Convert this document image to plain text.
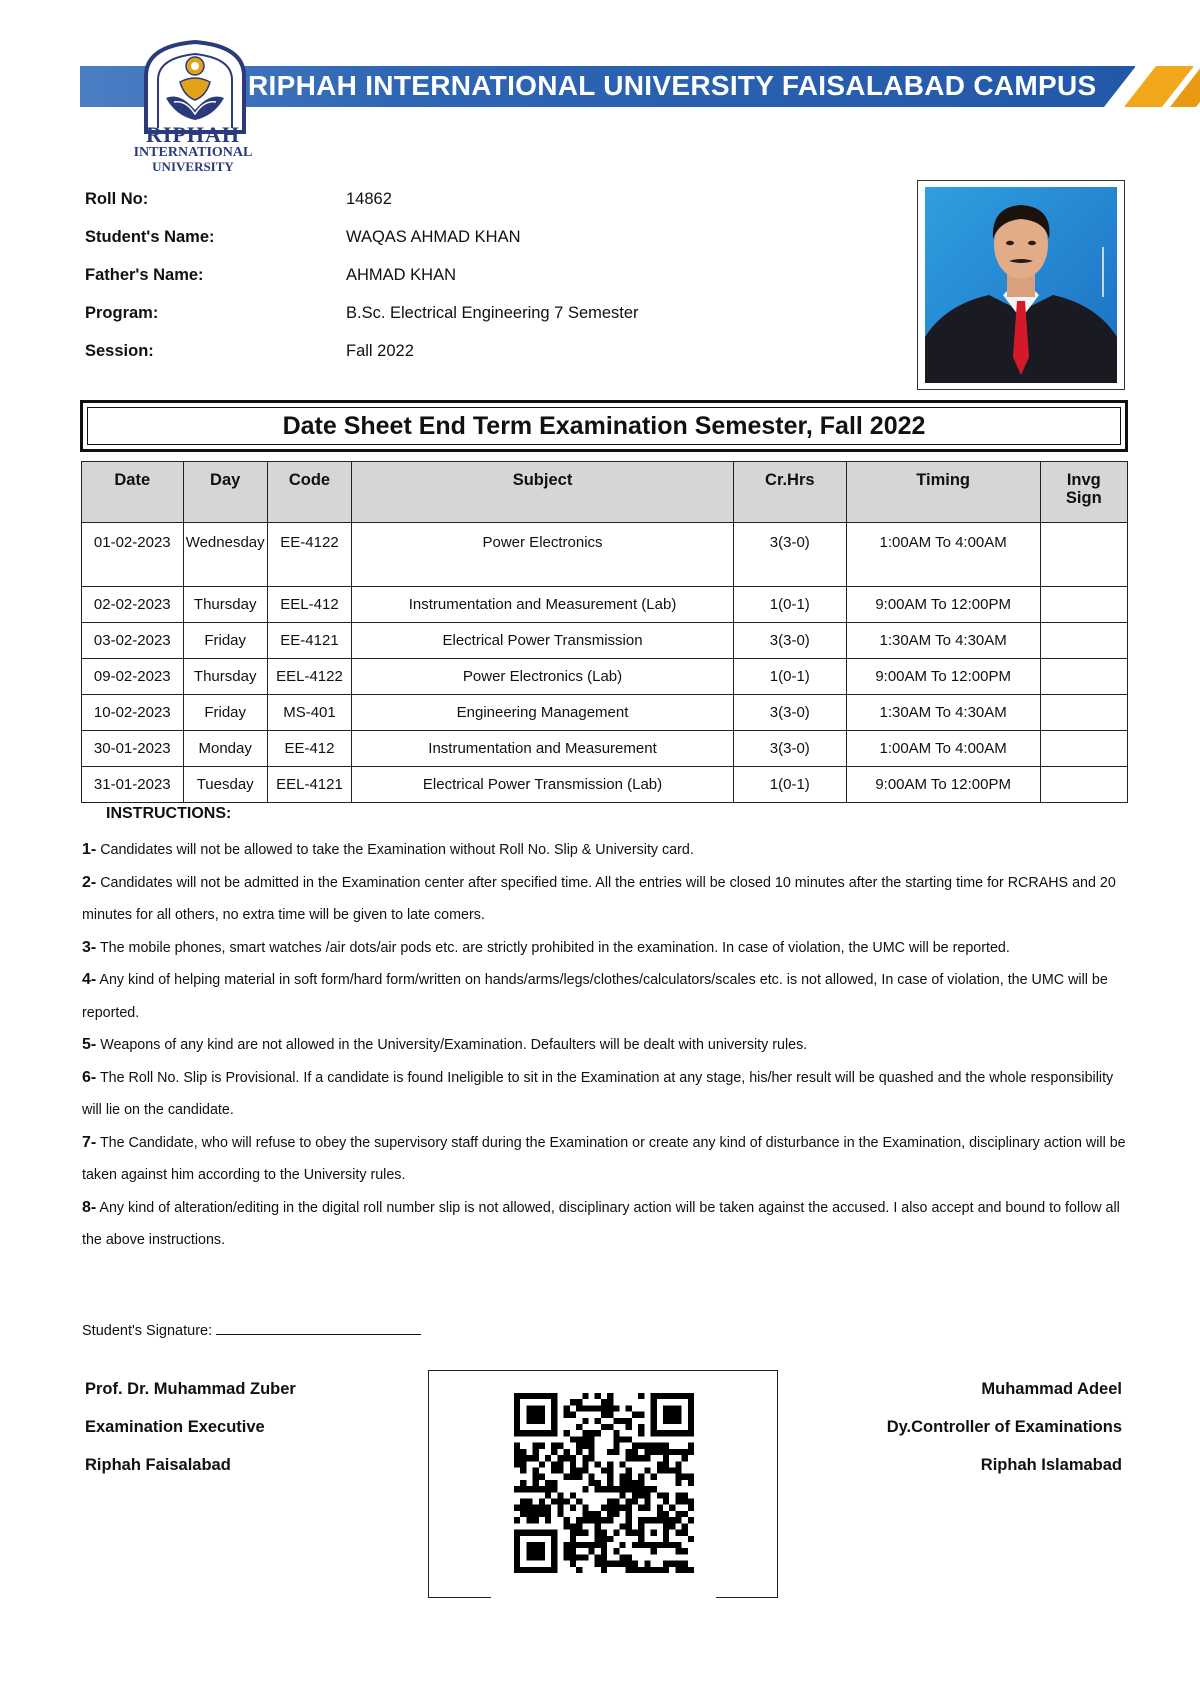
RIPHAH INTERNATIONAL UNIVERSITY FAISALABAD CAMPUS
RIPHAH
INTERNATIONAL
UNIVERSITY
Roll No:	14862
Student's Name:	WAQAS AHMAD KHAN
Father's Name:	AHMAD KHAN
Program:	B.Sc. Electrical Engineering 7 Semester
Session:	Fall 2022
Date Sheet End Term Examination Semester, Fall 2022
Date	Day	Code	Subject	Cr.Hrs	Timing	Invg Sign
01-02-2023	Wednesday	EE-4122	Power Electronics	3(3-0)	1:00AM To 4:00AM	
02-02-2023	Thursday	EEL-412	Instrumentation and Measurement (Lab)	1(0-1)	9:00AM To 12:00PM	
03-02-2023	Friday	EE-4121	Electrical Power Transmission	3(3-0)	1:30AM To 4:30AM	
09-02-2023	Thursday	EEL-4122	Power Electronics (Lab)	1(0-1)	9:00AM To 12:00PM	
10-02-2023	Friday	MS-401	Engineering Management	3(3-0)	1:30AM To 4:30AM	
30-01-2023	Monday	EE-412	Instrumentation and Measurement	3(3-0)	1:00AM To 4:00AM	
31-01-2023	Tuesday	EEL-4121	Electrical Power Transmission (Lab)	1(0-1)	9:00AM To 12:00PM	
INSTRUCTIONS:
1- Candidates will not be allowed to take the Examination without Roll No. Slip & University card.
2- Candidates will not be admitted in the Examination center after specified time. All the entries will be closed 10 minutes after the starting time for RCRAHS and 20 minutes for all others, no extra time will be given to late comers.
3- The mobile phones, smart watches /air dots/air pods etc. are strictly prohibited in the examination. In case of violation, the UMC will be reported.
4- Any kind of helping material in soft form/hard form/written on hands/arms/legs/clothes/calculators/scales etc. is not allowed, In case of violation, the UMC will be reported.
5- Weapons of any kind are not allowed in the University/Examination. Defaulters will be dealt with university rules.
6- The Roll No. Slip is Provisional. If a candidate is found Ineligible to sit in the Examination at any stage, his/her result will be quashed and the whole responsibility will lie on the candidate.
7- The Candidate, who will refuse to obey the supervisory staff during the Examination or create any kind of disturbance in the Examination, disciplinary action will be taken against him according to the University rules.
8- Any kind of alteration/editing in the digital roll number slip is not allowed, disciplinary action will be taken against the accused. I also accept and bound to follow all the above instructions.
Student's Signature:
Prof. Dr. Muhammad Zuber
Examination Executive
Riphah Faisalabad
Muhammad Adeel
Dy.Controller of Examinations
Riphah Islamabad
